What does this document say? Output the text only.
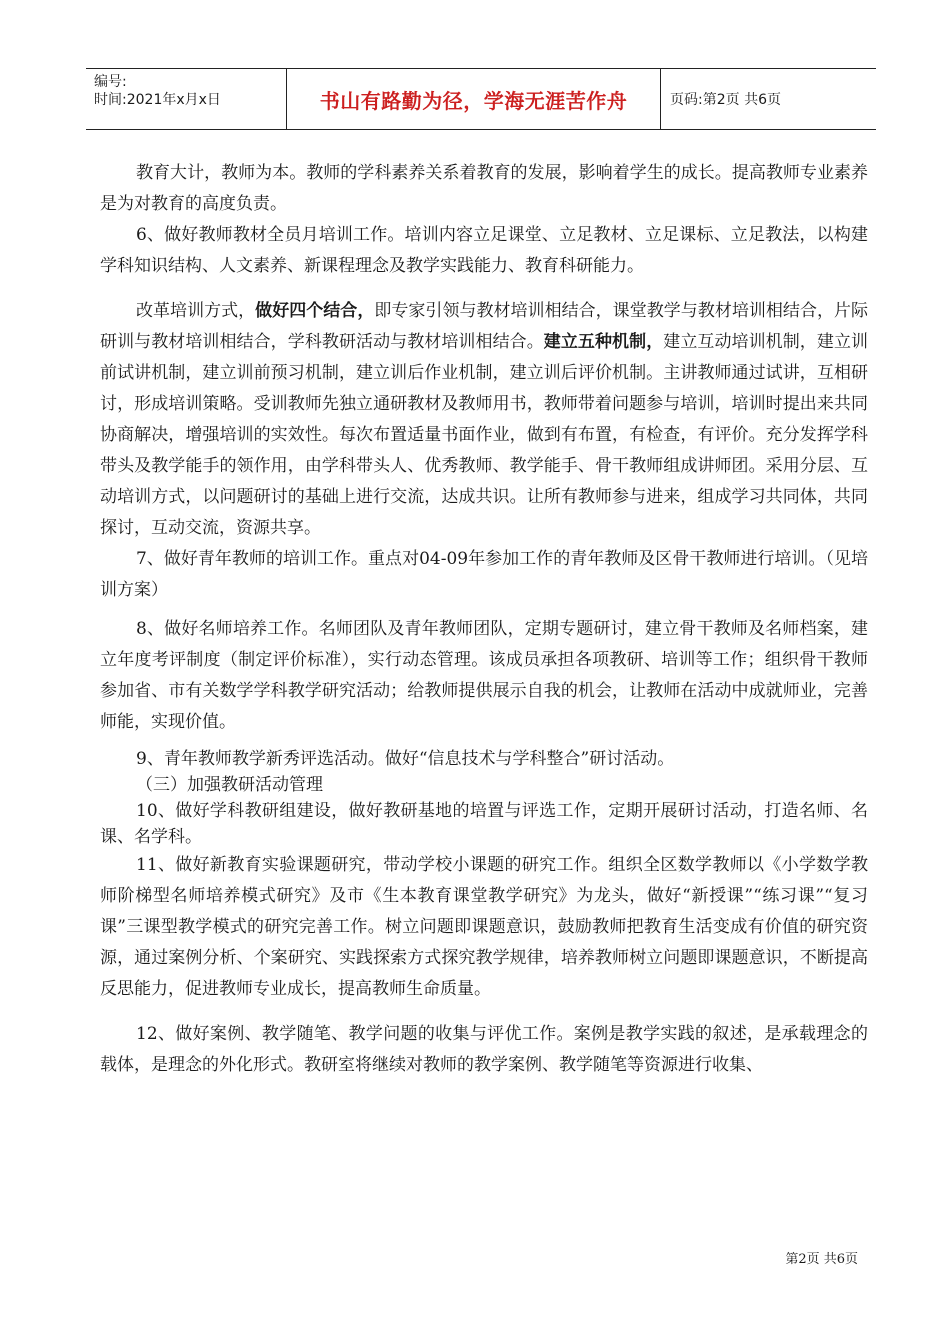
编号:
时间:2021年x月x日	书山有路勤为径，学海无涯苦作舟	页码:第2页 共6页

教育大计，教师为本。教师的学科素养关系着教育的发展，影响着学生的成长。提高教师专业素养是为对教育的高度负责。

6、做好教师教材全员月培训工作。培训内容立足课堂、立足教材、立足课标、立足教法，以构建学科知识结构、人文素养、新课程理念及教学实践能力、教育科研能力。

改革培训方式，做好四个结合，即专家引领与教材培训相结合，课堂教学与教材培训相结合，片际研训与教材培训相结合，学科教研活动与教材培训相结合。建立五种机制，建立互动培训机制，建立训前试讲机制，建立训前预习机制，建立训后作业机制，建立训后评价机制。主讲教师通过试讲，互相研讨，形成培训策略。受训教师先独立通研教材及教师用书，教师带着问题参与培训，培训时提出来共同协商解决，增强培训的实效性。每次布置适量书面作业，做到有布置，有检查，有评价。充分发挥学科带头及教学能手的领作用，由学科带头人、优秀教师、教学能手、骨干教师组成讲师团。采用分层、互动培训方式，以问题研讨的基础上进行交流，达成共识。让所有教师参与进来，组成学习共同体，共同探讨，互动交流，资源共享。

7、做好青年教师的培训工作。重点对04-09年参加工作的青年教师及区骨干教师进行培训。（见培训方案）

8、做好名师培养工作。名师团队及青年教师团队，定期专题研讨，建立骨干教师及名师档案，建立年度考评制度（制定评价标准），实行动态管理。该成员承担各项教研、培训等工作；组织骨干教师参加省、市有关数学学科教学研究活动；给教师提供展示自我的机会，让教师在活动中成就师业，完善师能，实现价值。

9、青年教师教学新秀评选活动。做好“信息技术与学科整合”研讨活动。

（三）加强教研活动管理

10、做好学科教研组建设，做好教研基地的培置与评选工作，定期开展研讨活动，打造名师、名课、名学科。

11、做好新教育实验课题研究，带动学校小课题的研究工作。组织全区数学教师以《小学数学教师阶梯型名师培养模式研究》及市《生本教育课堂教学研究》为龙头，做好“新授课”“练习课”“复习课”三课型教学模式的研究完善工作。树立问题即课题意识，鼓励教师把教育生活变成有价值的研究资源，通过案例分析、个案研究、实践探索方式探究教学规律，培养教师树立问题即课题意识，不断提高反思能力，促进教师专业成长，提高教师生命质量。

12、做好案例、教学随笔、教学问题的收集与评优工作。案例是教学实践的叙述，是承载理念的载体，是理念的外化形式。教研室将继续对教师的教学案例、教学随笔等资源进行收集、

第2页 共6页
